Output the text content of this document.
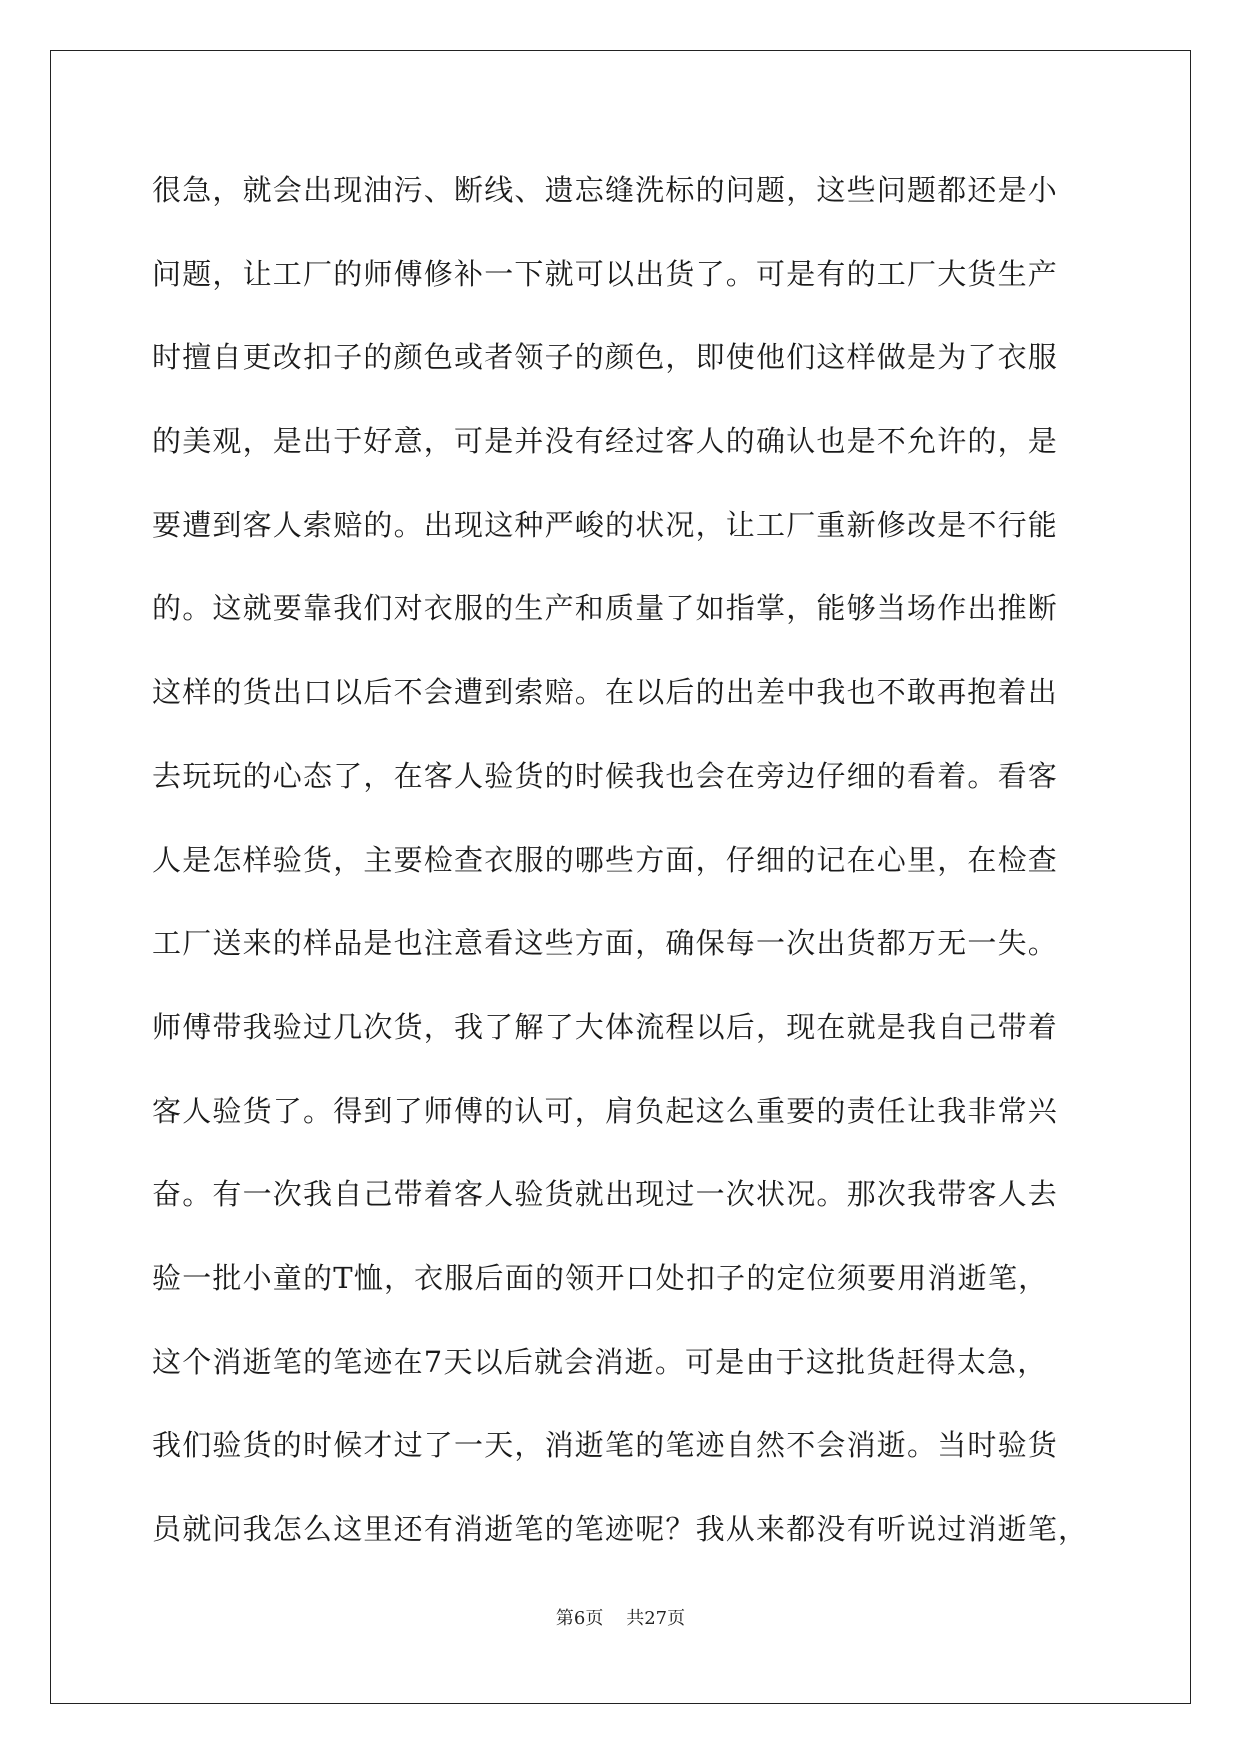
很急，就会出现油污、断线、遗忘缝洗标的问题，这些问题都还是小
问题，让工厂的师傅修补一下就可以出货了。可是有的工厂大货生产
时擅自更改扣子的颜色或者领子的颜色，即使他们这样做是为了衣服
的美观，是出于好意，可是并没有经过客人的确认也是不允许的，是
要遭到客人索赔的。出现这种严峻的状况，让工厂重新修改是不行能
的。这就要靠我们对衣服的生产和质量了如指掌，能够当场作出推断
这样的货出口以后不会遭到索赔。在以后的出差中我也不敢再抱着出
去玩玩的心态了，在客人验货的时候我也会在旁边仔细的看着。看客
人是怎样验货，主要检查衣服的哪些方面，仔细的记在心里，在检查
工厂送来的样品是也注意看这些方面，确保每一次出货都万无一失。
师傅带我验过几次货，我了解了大体流程以后，现在就是我自己带着
客人验货了。得到了师傅的认可，肩负起这么重要的责任让我非常兴
奋。有一次我自己带着客人验货就出现过一次状况。那次我带客人去
验一批小童的T恤，衣服后面的领开口处扣子的定位须要用消逝笔，
这个消逝笔的笔迹在7天以后就会消逝。可是由于这批货赶得太急，
我们验货的时候才过了一天，消逝笔的笔迹自然不会消逝。当时验货
员就问我怎么这里还有消逝笔的笔迹呢？我从来都没有听说过消逝笔，
第6页 共27页
